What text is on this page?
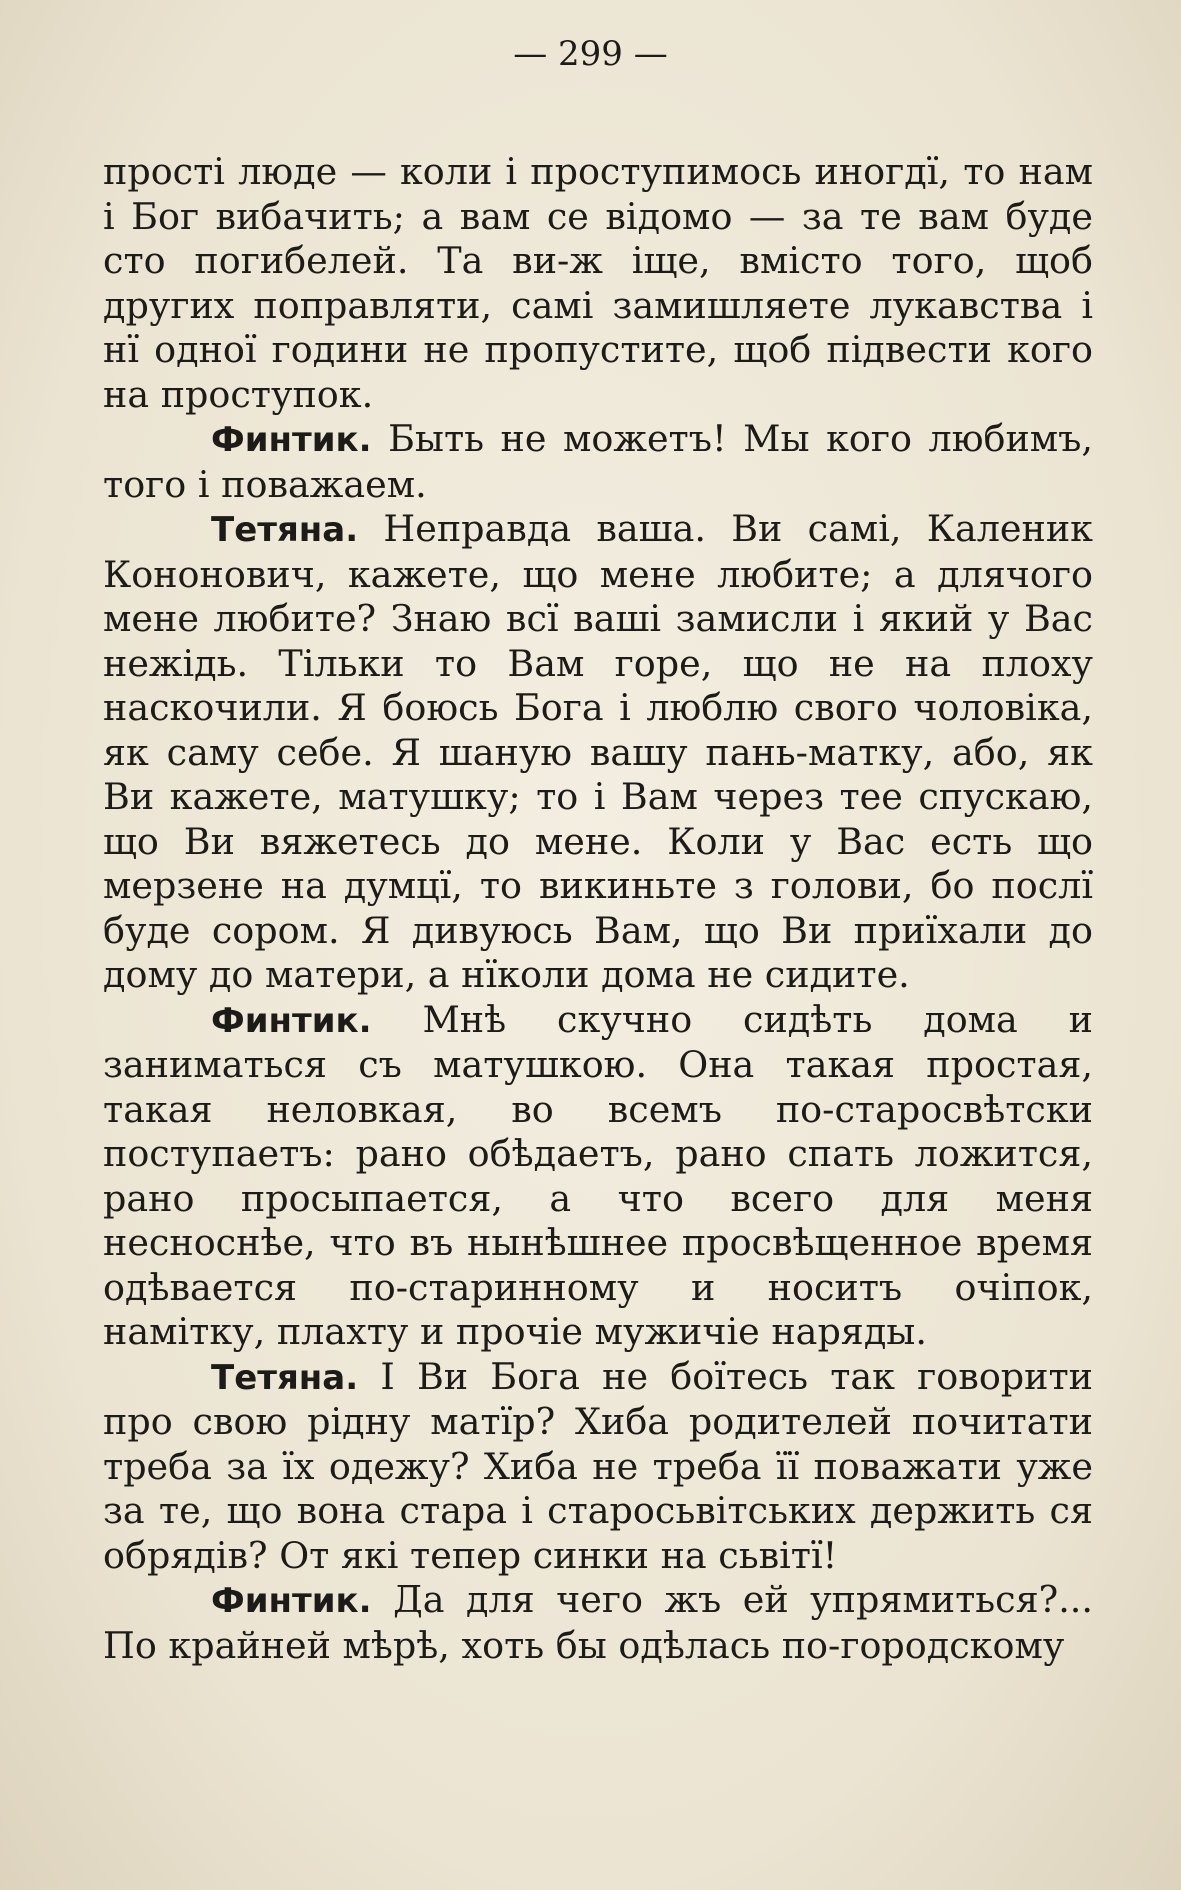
— 299 —

прості люде — коли і проступимось иногдї, то нам і Бог вибачить; а вам се відомо — за те вам буде сто погибелей. Та ви-ж іще, вмісто того, щоб других поправляти, самі замишляете лукавства і нї одної години не пропустите, щоб підвести кого на проступок.

Финтик. Быть не можетъ! Мы кого любимъ, того і поважаем.

Тетяна. Неправда ваша. Ви самі, Каленик Кононович, кажете, що мене любите; а длячого мене любите? Знаю всї ваші замисли і який у Вас нежідь. Тільки то Вам горе, що не на плоху наскочили. Я боюсь Бога і люблю свого чоловіка, як саму себе. Я шаную вашу пань-матку, або, як Ви кажете, матушку; то і Вам через тее спускаю, що Ви вяжетесь до мене. Коли у Вас есть що мерзене на думцї, то викиньте з голови, бо послї буде сором. Я дивуюсь Вам, що Ви приїхали до дому до матери, а нїколи дома не сидите.

Финтик. Мнѣ скучно сидѣть дома и заниматься съ матушкою. Она такая простая, такая неловкая, во всемъ по-старосвѣтски поступаетъ: рано обѣдаетъ, рано спать ложится, рано просыпается, а что всего для меня несноснѣе, что въ нынѣшнее просвѣщенное время одѣвается по-старинному и носитъ очіпок, намітку, плахту и прочіе мужичіе наряды.

Тетяна. І Ви Бога не боїтесь так говорити про свою рідну матїр? Хиба родителей почитати треба за їх одежу? Хиба не треба її поважати уже за те, що вона стара і старосьвітських держить ся обрядів? От які тепер синки на сьвітї!

Финтик. Да для чего жъ ей упрямиться?... По крайней мѣрѣ, хоть бы одѣлась по-городскому
